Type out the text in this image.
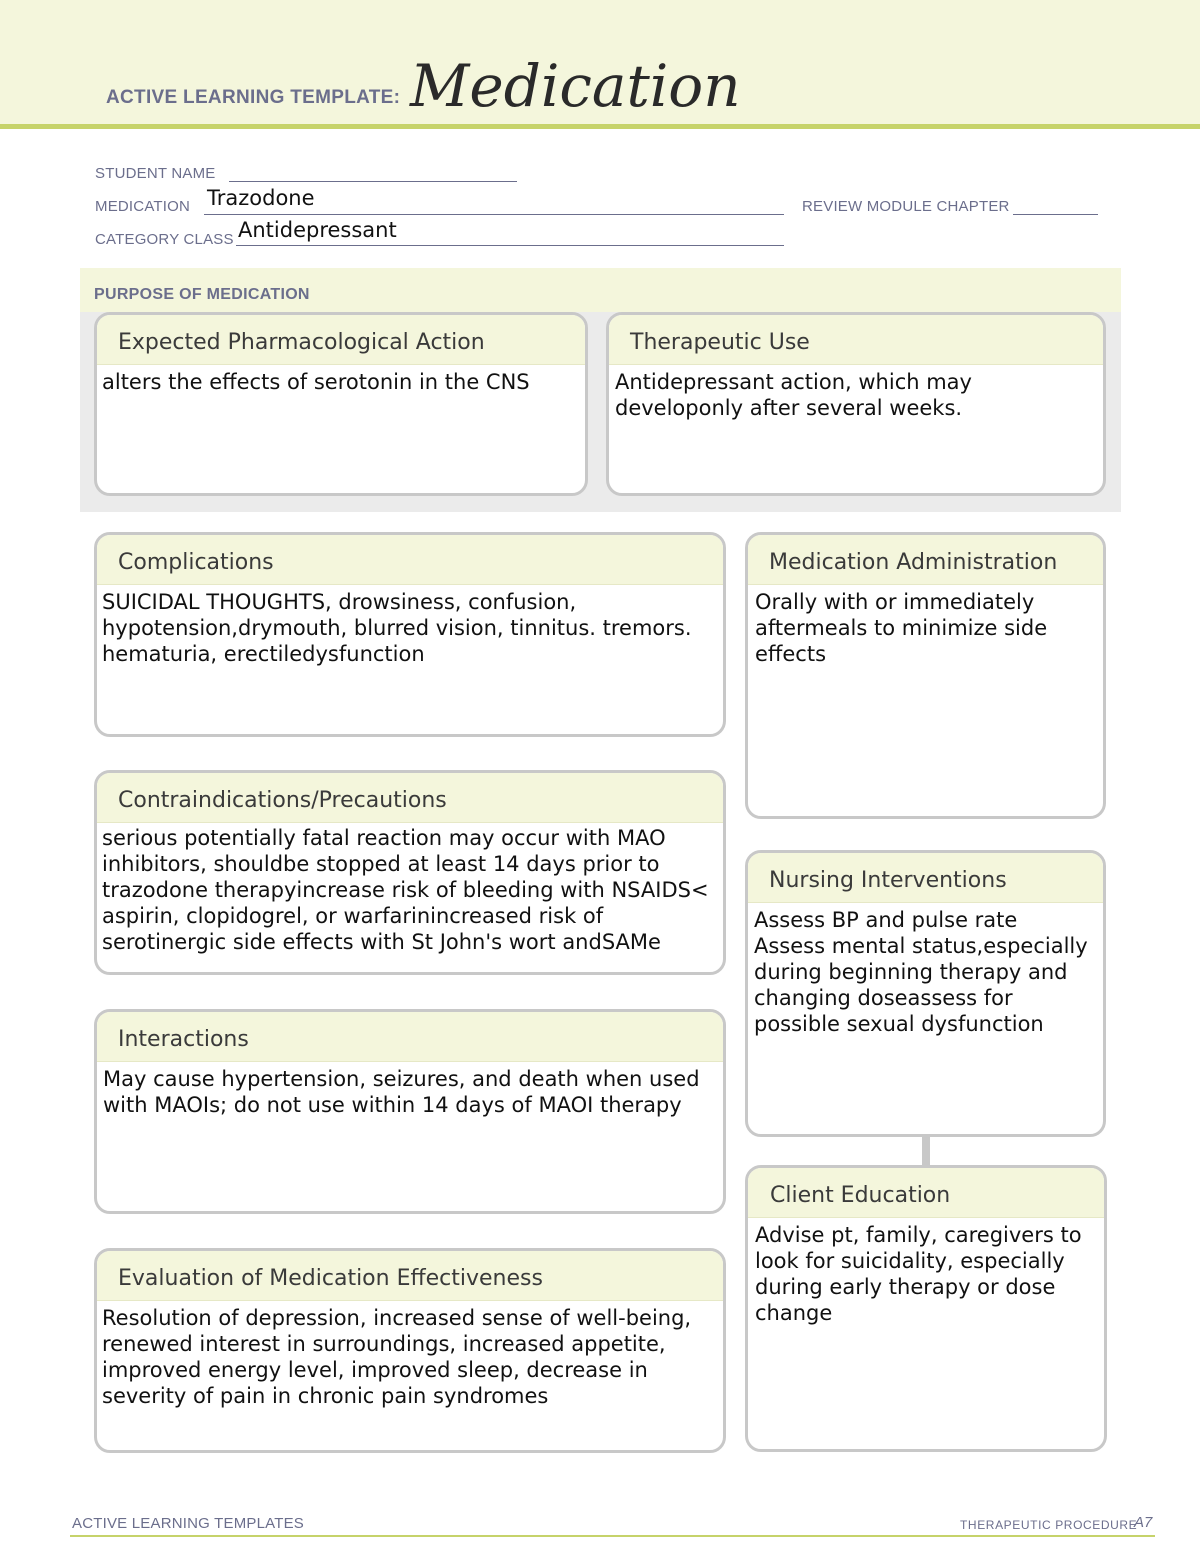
ACTIVE LEARNING TEMPLATE: Medication
STUDENT NAME
MEDICATION Trazodone	REVIEW MODULE CHAPTER
CATEGORY CLASS Antidepressant
PURPOSE OF MEDICATION
Expected Pharmacological Action
alters the effects of serotonin in the CNS
Therapeutic Use
Antidepressant action, which may
developonly after several weeks.
Complications
SUICIDAL THOUGHTS, drowsiness, confusion,
hypotension,drymouth, blurred vision, tinnitus. tremors.
hematuria, erectiledysfunction
Medication Administration
Orally with or immediately
aftermeals to minimize side
effects
Contraindications/Precautions
serious potentially fatal reaction may occur with MAO
inhibitors, shouldbe stopped at least 14 days prior to
trazodone therapyincrease risk of bleeding with NSAIDS<
aspirin, clopidogrel, or warfarinincreased risk of
serotinergic side effects with St John's wort andSAMe
Nursing Interventions
Assess BP and pulse rate
Assess mental status,especially
during beginning therapy and
changing doseassess for
possible sexual dysfunction
Interactions
May cause hypertension, seizures, and death when used
with MAOIs; do not use within 14 days of MAOI therapy
Client Education
Advise pt, family, caregivers to
look for suicidality, especially
during early therapy or dose
change
Evaluation of Medication Effectiveness
Resolution of depression, increased sense of well-being,
renewed interest in surroundings, increased appetite,
improved energy level, improved sleep, decrease in
severity of pain in chronic pain syndromes
ACTIVE LEARNING TEMPLATES	THERAPEUTIC PROCEDURE
A7
